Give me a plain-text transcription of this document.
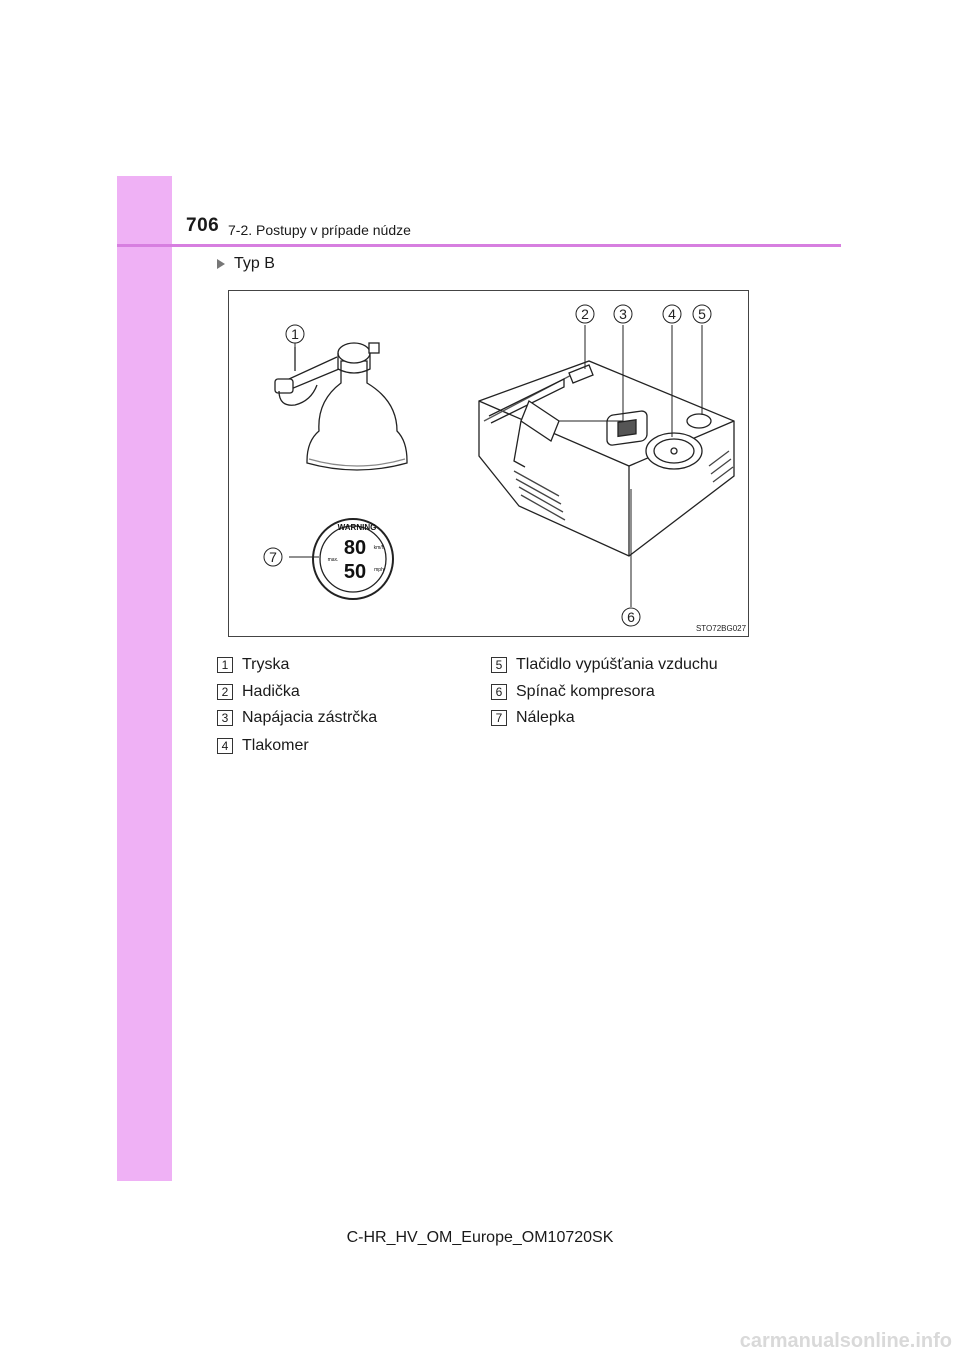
706 7-2. Postupy v prípade núdze
Typ B
1
2 3	4 5
6
7
WARNING
80
50
km/h
mph
max.
STO72BG027
1 Tryska
2 Hadička
3 Napájacia zástrčka
4 Tlakomer
5 Tlačidlo vypúšťania vzduchu
6 Spínač kompresora
7 Nálepka
C-HR_HV_OM_Europe_OM10720SK
carmanualsonline.info
